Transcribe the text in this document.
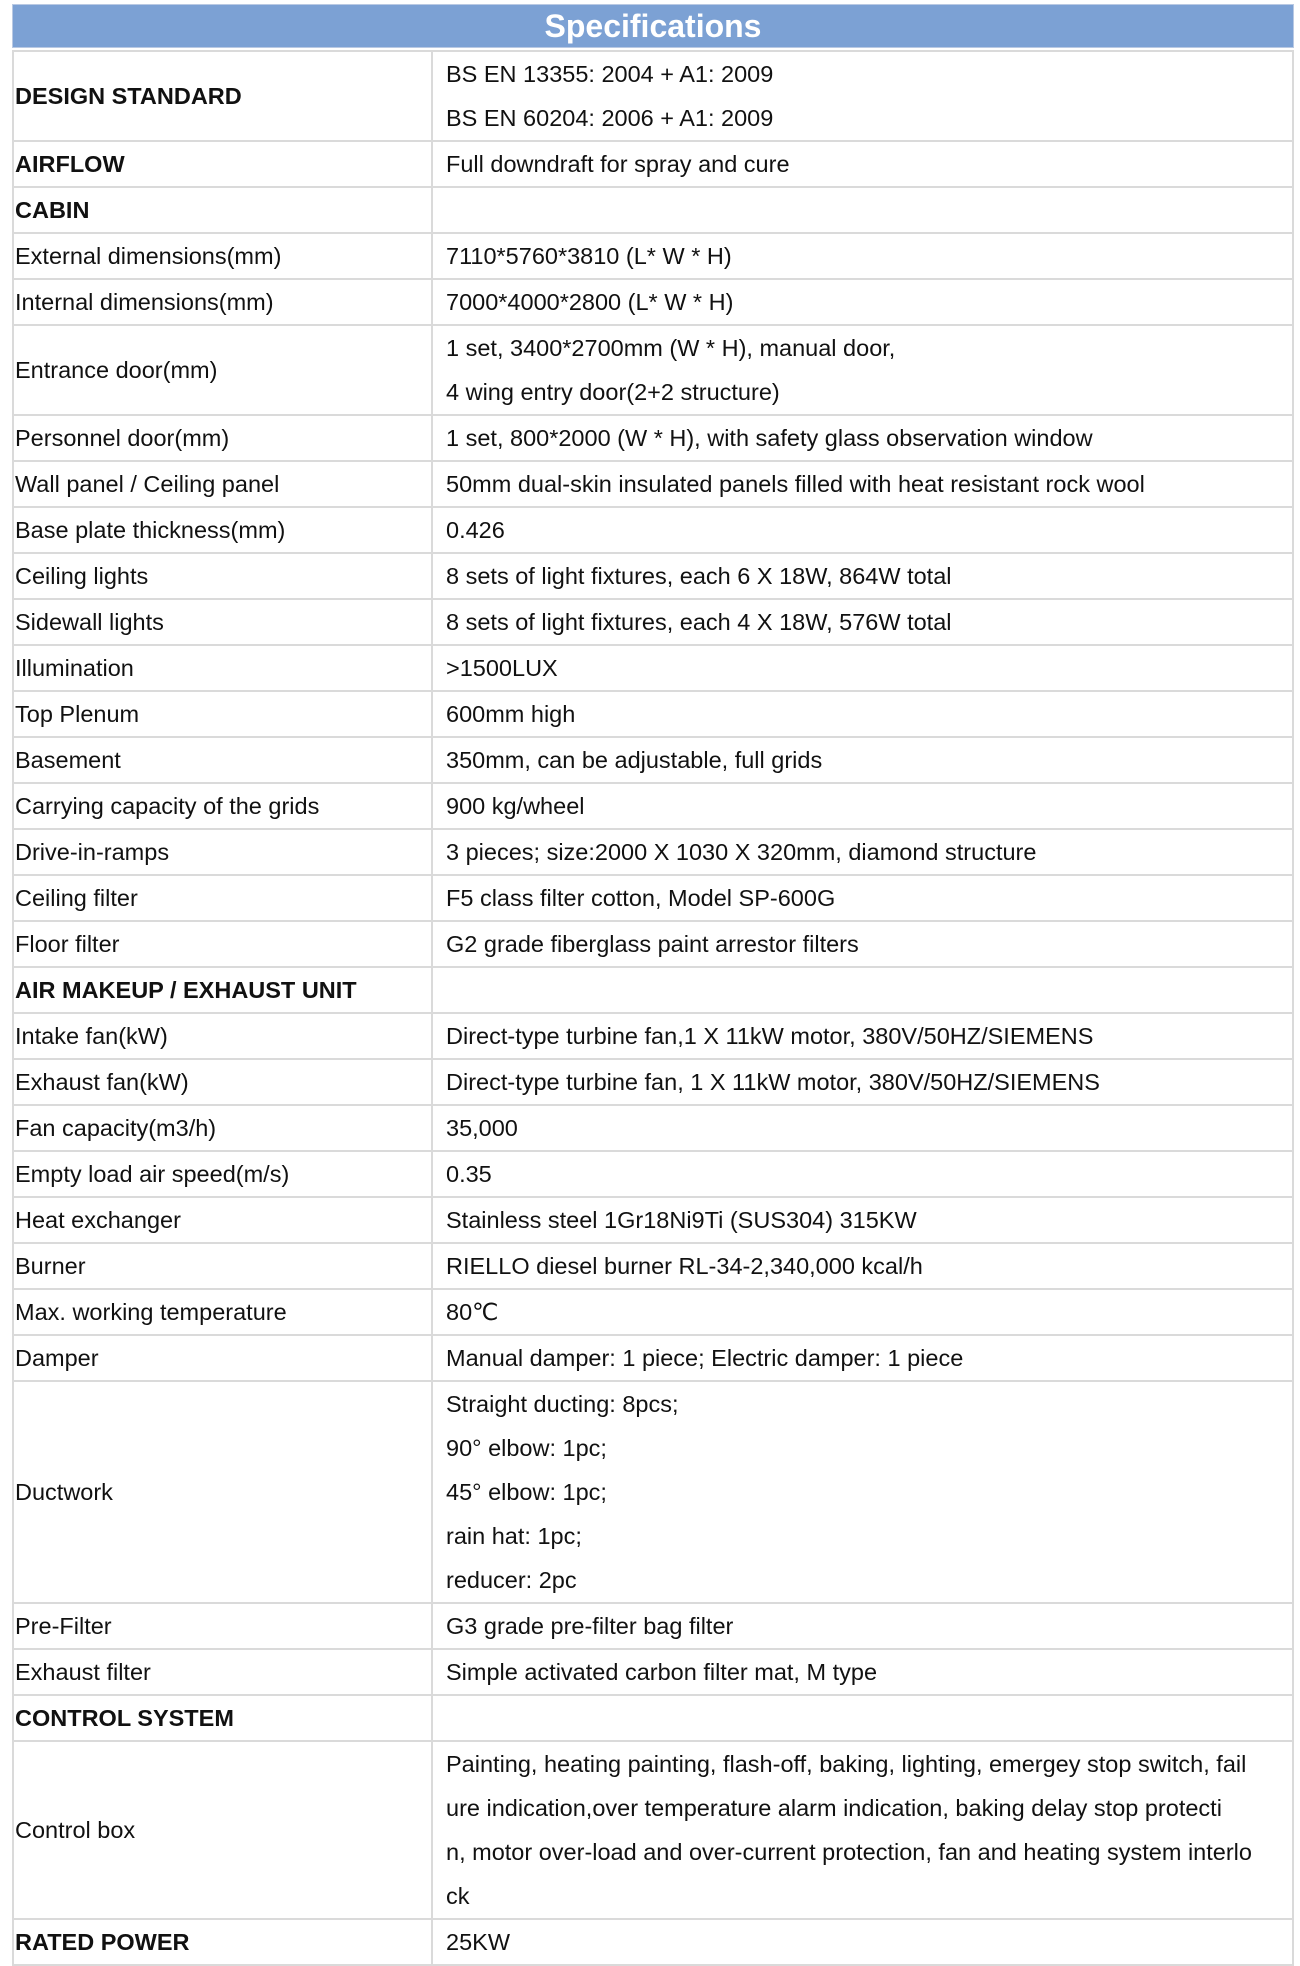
Specifications
DESIGN STANDARD	BS EN 13355: 2004 + A1: 2009
BS EN 60204: 2006 + A1: 2009

AIRFLOW	Full downdraft for spray and cure

CABIN	

External dimensions(mm)	7110*5760*3810 (L* W * H)

Internal dimensions(mm)	7000*4000*2800 (L* W * H)

Entrance door(mm)	1 set, 3400*2700mm (W * H), manual door,
4 wing entry door(2+2 structure)

Personnel door(mm)	1 set, 800*2000 (W * H), with safety glass observation window

Wall panel / Ceiling panel	50mm dual-skin insulated panels filled with heat resistant rock wool

Base plate thickness(mm)	0.426

Ceiling lights	8 sets of light fixtures, each 6 X 18W, 864W total

Sidewall lights	8 sets of light fixtures, each 4 X 18W, 576W total

Illumination	>1500LUX

Top Plenum	600mm high

Basement	350mm, can be adjustable, full grids

Carrying capacity of the grids	900 kg/wheel

Drive-in-ramps	3 pieces; size:2000 X 1030 X 320mm, diamond structure

Ceiling filter	F5 class filter cotton, Model SP-600G

Floor filter	G2 grade fiberglass paint arrestor filters

AIR MAKEUP / EXHAUST UNIT	

Intake fan(kW)	Direct-type turbine fan,1 X 11kW motor, 380V/50HZ/SIEMENS

Exhaust fan(kW)	Direct-type turbine fan, 1 X 11kW motor, 380V/50HZ/SIEMENS

Fan capacity(m3/h)	35,000

Empty load air speed(m/s)	0.35

Heat exchanger	Stainless steel 1Gr18Ni9Ti (SUS304) 315KW

Burner	RIELLO diesel burner RL-34-2,340,000 kcal/h

Max. working temperature	80℃

Damper	Manual damper: 1 piece; Electric damper: 1 piece

Ductwork	Straight ducting: 8pcs;
90° elbow: 1pc;
45° elbow: 1pc;
rain hat: 1pc;
reducer: 2pc

Pre-Filter	G3 grade pre-filter bag filter

Exhaust filter	Simple activated carbon filter mat, M type

CONTROL SYSTEM	

Control box	Painting, heating painting, flash-off, baking, lighting, emergey stop switch, fail
ure indication,over temperature alarm indication, baking delay stop protecti
n, motor over-load and over-current protection, fan and heating system interlo
ck

RATED POWER	25KW
